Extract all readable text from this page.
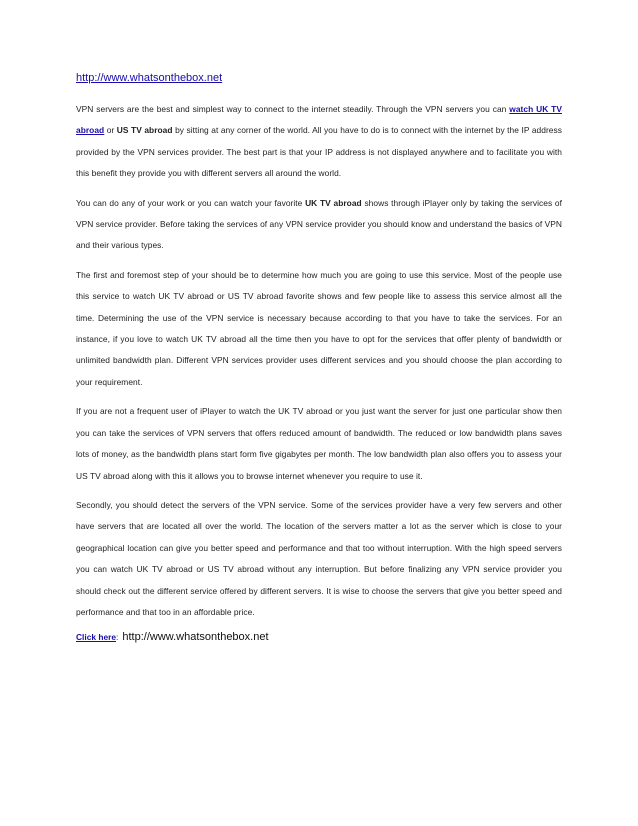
http://www.whatsonthebox.net

VPN servers are the best and simplest way to connect to the internet steadily. Through the VPN servers you can watch UK TV abroad or US TV abroad by sitting at any corner of the world. All you have to do is to connect with the internet by the IP address provided by the VPN services provider. The best part is that your IP address is not displayed anywhere and to facilitate you with this benefit they provide you with different servers all around the world.

You can do any of your work or you can watch your favorite UK TV abroad shows through iPlayer only by taking the services of VPN service provider. Before taking the services of any VPN service provider you should know and understand the basics of VPN and their various types.

The first and foremost step of your should be to determine how much you are going to use this service. Most of the people use this service to watch UK TV abroad or US TV abroad favorite shows and few people like to assess this service almost all the time. Determining the use of the VPN service is necessary because according to that you have to take the services. For an instance, if you love to watch UK TV abroad all the time then you have to opt for the services that offer plenty of bandwidth or unlimited bandwidth plan. Different VPN services provider uses different services and you should choose the plan according to your requirement.

If you are not a frequent user of iPlayer to watch the UK TV abroad or you just want the server for just one particular show then you can take the services of VPN servers that offers reduced amount of bandwidth. The reduced or low bandwidth plans saves lots of money, as the bandwidth plans start form five gigabytes per month. The low bandwidth plan also offers you to assess your US TV abroad along with this it allows you to browse internet whenever you require to use it.

Secondly, you should detect the servers of the VPN service. Some of the services provider have a very few servers and other have servers that are located all over the world. The location of the servers matter a lot as the server which is close to your geographical location can give you better speed and performance and that too without interruption. With the high speed servers you can watch UK TV abroad or US TV abroad without any interruption. But before finalizing any VPN service provider you should check out the different service offered by different servers. It is wise to choose the servers that give you better speed and performance and that too in an affordable price.

Click here : http://www.whatsonthebox.net
